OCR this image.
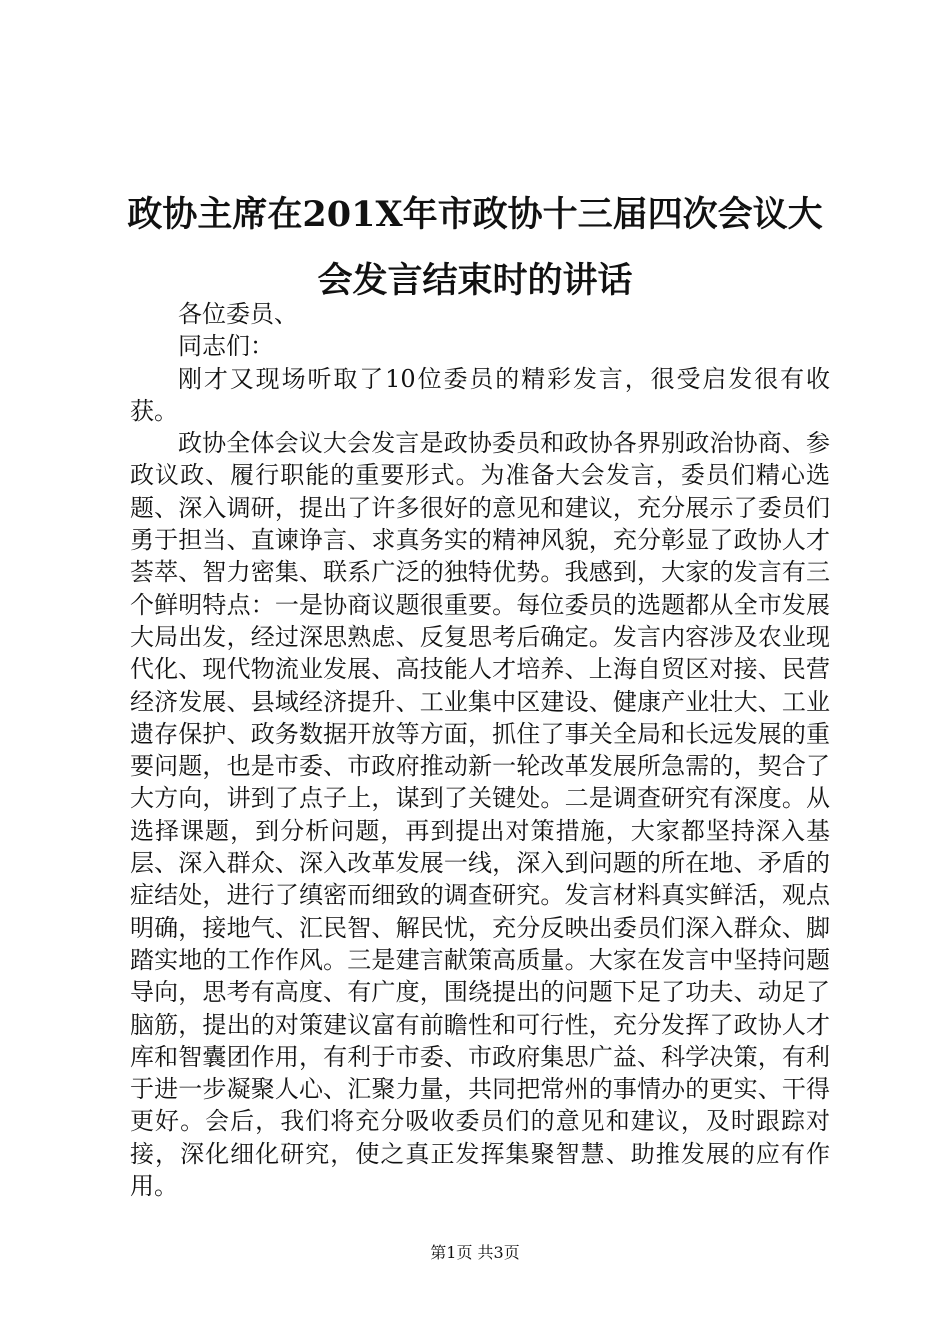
政协主席在201X年市政协十三届四次会议大会发言结束时的讲话

各位委员、

同志们：

刚才又现场听取了10位委员的精彩发言，很受启发很有收获。

政协全体会议大会发言是政协委员和政协各界别政治协商、参政议政、履行职能的重要形式。为准备大会发言，委员们精心选题、深入调研，提出了许多很好的意见和建议，充分展示了委员们勇于担当、直谏诤言、求真务实的精神风貌，充分彰显了政协人才荟萃、智力密集、联系广泛的独特优势。我感到，大家的发言有三个鲜明特点：一是协商议题很重要。每位委员的选题都从全市发展大局出发，经过深思熟虑、反复思考后确定。发言内容涉及农业现代化、现代物流业发展、高技能人才培养、上海自贸区对接、民营经济发展、县域经济提升、工业集中区建设、健康产业壮大、工业遗存保护、政务数据开放等方面，抓住了事关全局和长远发展的重要问题，也是市委、市政府推动新一轮改革发展所急需的，契合了大方向，讲到了点子上，谋到了关键处。二是调查研究有深度。从选择课题，到分析问题，再到提出对策措施，大家都坚持深入基层、深入群众、深入改革发展一线，深入到问题的所在地、矛盾的症结处，进行了缜密而细致的调查研究。发言材料真实鲜活，观点明确，接地气、汇民智、解民忧，充分反映出委员们深入群众、脚踏实地的工作作风。三是建言献策高质量。大家在发言中坚持问题导向，思考有高度、有广度，围绕提出的问题下足了功夫、动足了脑筋，提出的对策建议富有前瞻性和可行性，充分发挥了政协人才库和智囊团作用，有利于市委、市政府集思广益、科学决策，有利于进一步凝聚人心、汇聚力量，共同把常州的事情办的更实、干得更好。会后，我们将充分吸收委员们的意见和建议，及时跟踪对接，深化细化研究，使之真正发挥集聚智慧、助推发展的应有作用。

第1页 共3页
